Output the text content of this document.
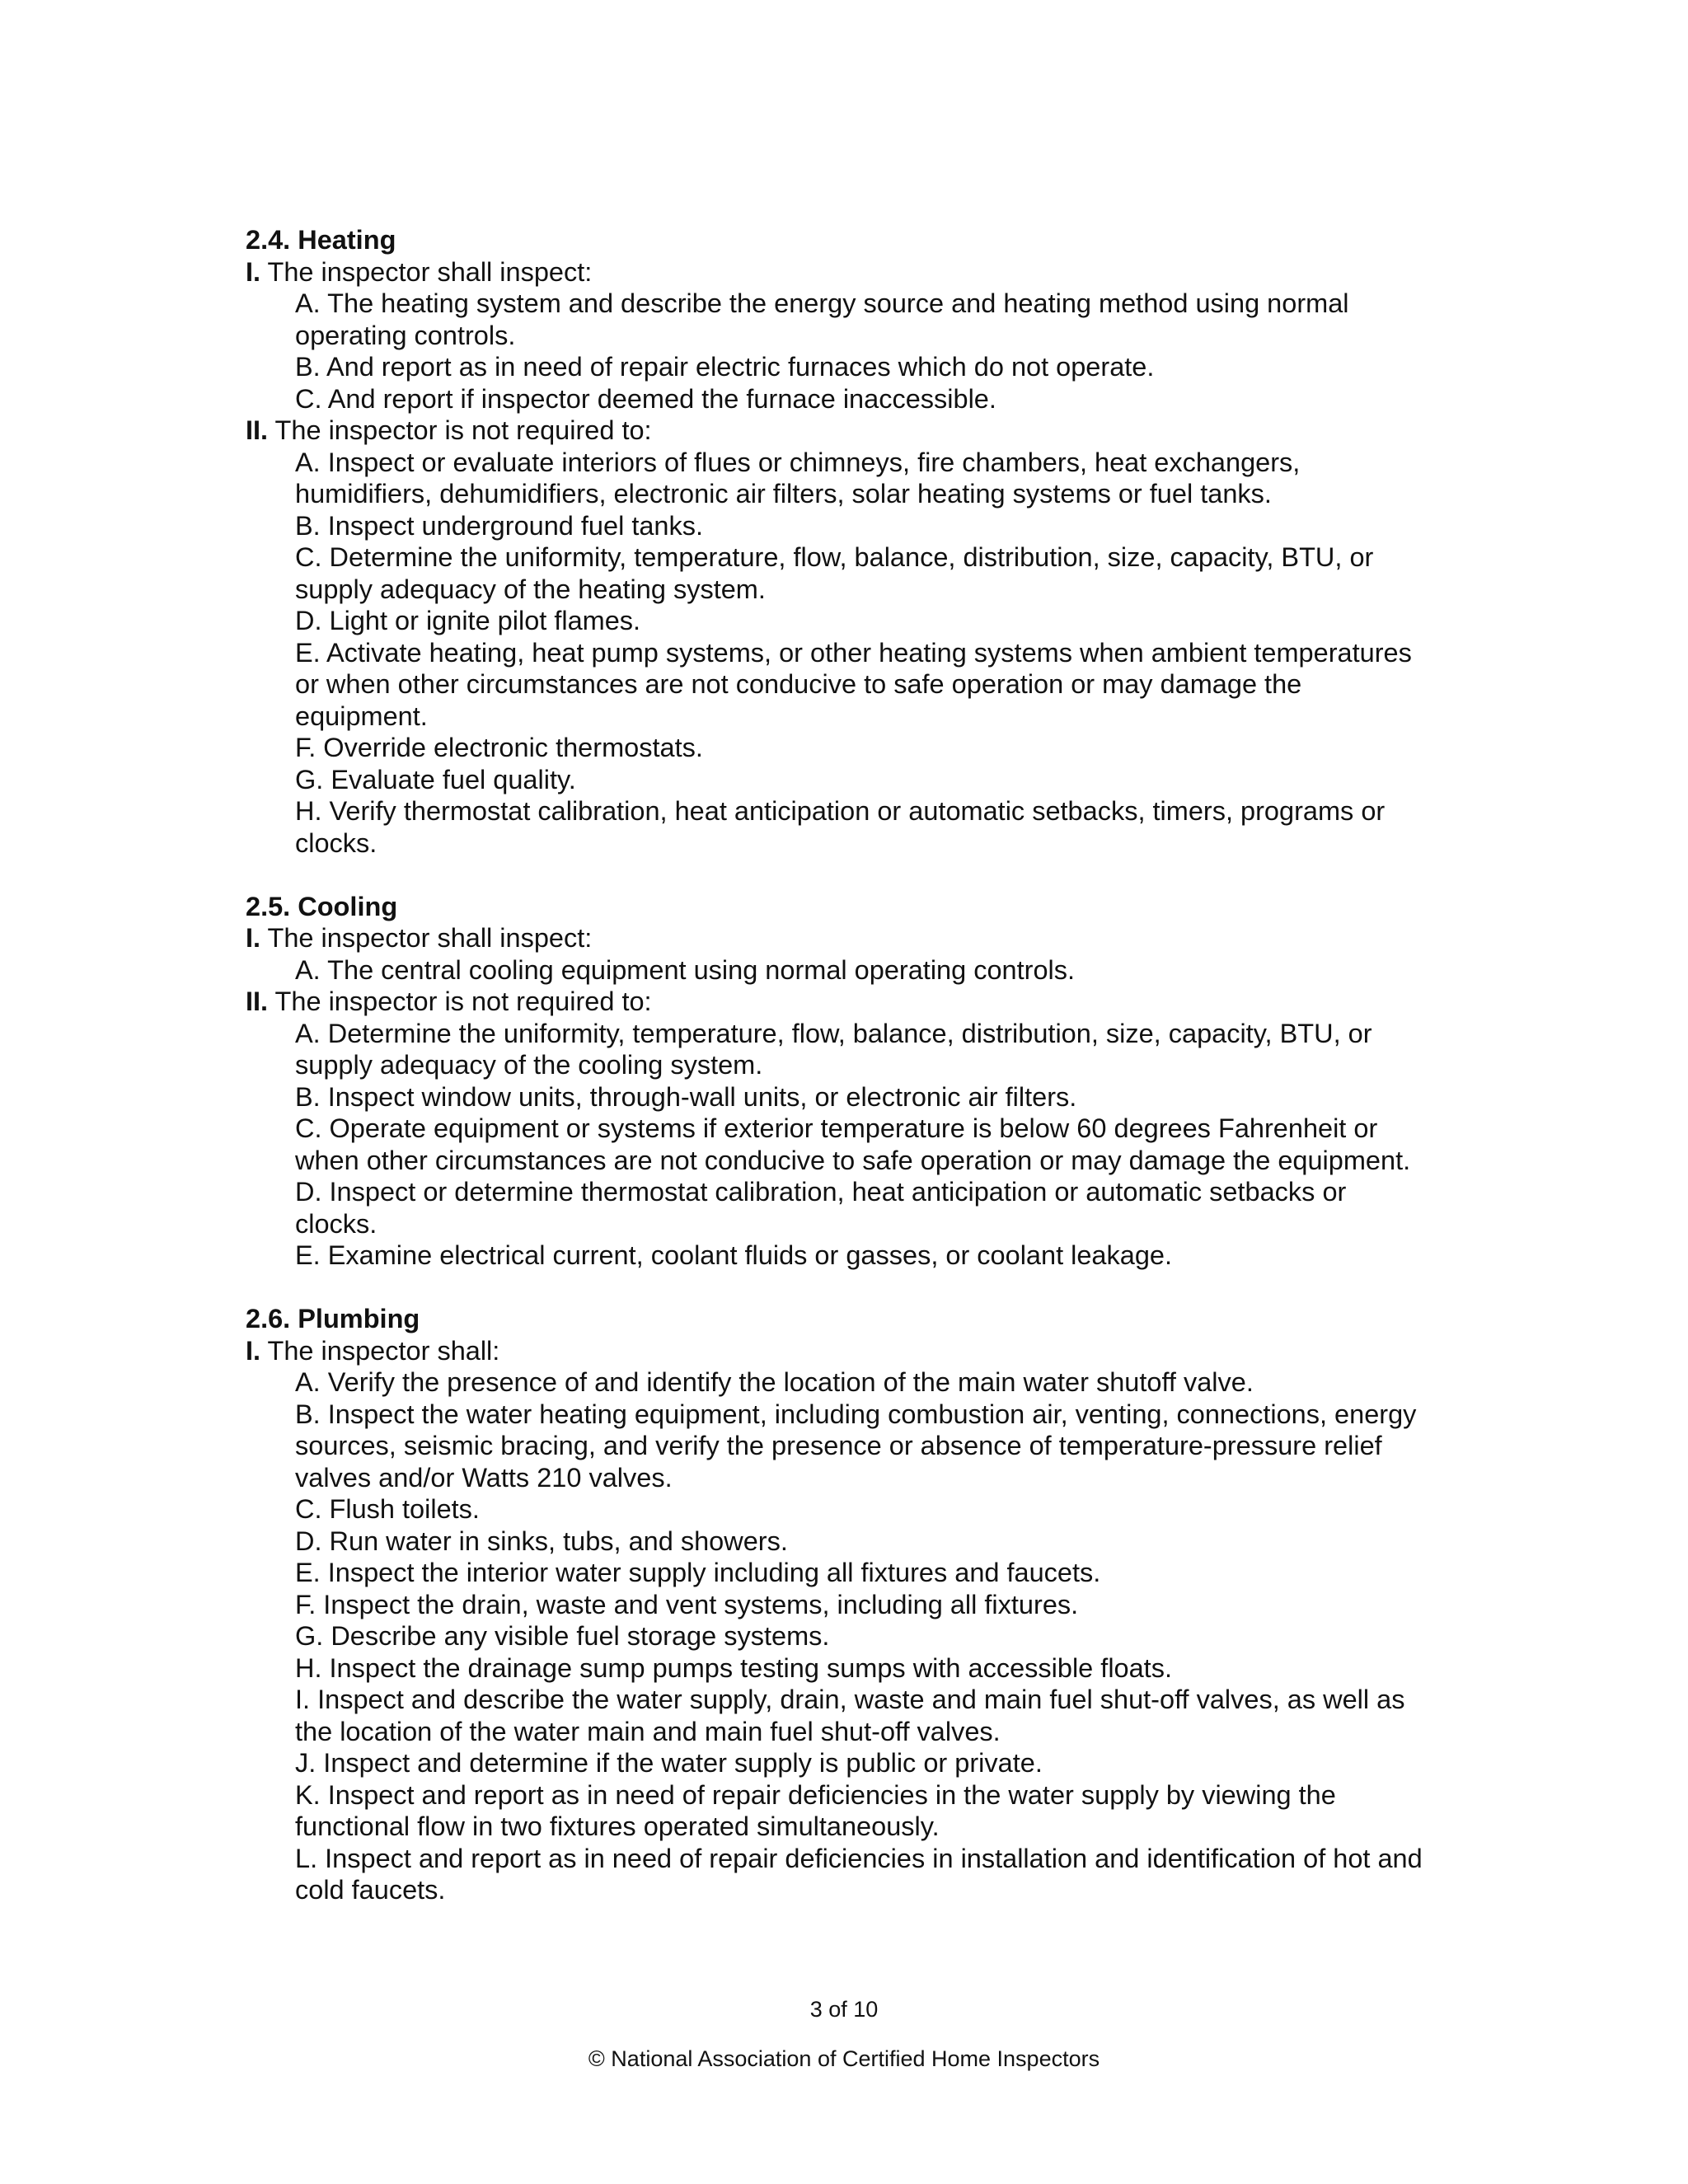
2.4. Heating
I. The inspector shall inspect:
A. The heating system and describe the energy source and heating method using normal operating controls.
B. And report as in need of repair electric furnaces which do not operate.
C. And report if inspector deemed the furnace inaccessible.
II. The inspector is not required to:
A. Inspect or evaluate interiors of flues or chimneys, fire chambers, heat exchangers, humidifiers, dehumidifiers, electronic air filters, solar heating systems or fuel tanks.
B. Inspect underground fuel tanks.
C. Determine the uniformity, temperature, flow, balance, distribution, size, capacity, BTU, or supply adequacy of the heating system.
D. Light or ignite pilot flames.
E. Activate heating, heat pump systems, or other heating systems when ambient temperatures or when other circumstances are not conducive to safe operation or may damage the equipment.
F. Override electronic thermostats.
G. Evaluate fuel quality.
H. Verify thermostat calibration, heat anticipation or automatic setbacks, timers, programs or clocks.
2.5. Cooling
I. The inspector shall inspect:
A. The central cooling equipment using normal operating controls.
II. The inspector is not required to:
A. Determine the uniformity, temperature, flow, balance, distribution, size, capacity, BTU, or supply adequacy of the cooling system.
B. Inspect window units, through-wall units, or electronic air filters.
C. Operate equipment or systems if exterior temperature is below 60 degrees Fahrenheit or when other circumstances are not conducive to safe operation or may damage the equipment.
D. Inspect or determine thermostat calibration, heat anticipation or automatic setbacks or clocks.
E. Examine electrical current, coolant fluids or gasses, or coolant leakage.
2.6. Plumbing
I. The inspector shall:
A. Verify the presence of and identify the location of the main water shutoff valve.
B. Inspect the water heating equipment, including combustion air, venting, connections, energy sources, seismic bracing, and verify the presence or absence of temperature-pressure relief valves and/or Watts 210 valves.
C. Flush toilets.
D. Run water in sinks, tubs, and showers.
E. Inspect the interior water supply including all fixtures and faucets.
F. Inspect the drain, waste and vent systems, including all fixtures.
G. Describe any visible fuel storage systems.
H. Inspect the drainage sump pumps testing sumps with accessible floats.
I. Inspect and describe the water supply, drain, waste and main fuel shut-off valves, as well as the location of the water main and main fuel shut-off valves.
J. Inspect and determine if the water supply is public or private.
K. Inspect and report as in need of repair deficiencies in the water supply by viewing the functional flow in two fixtures operated simultaneously.
L. Inspect and report as in need of repair deficiencies in installation and identification of hot and cold faucets.
3 of 10
© National Association of Certified Home Inspectors
